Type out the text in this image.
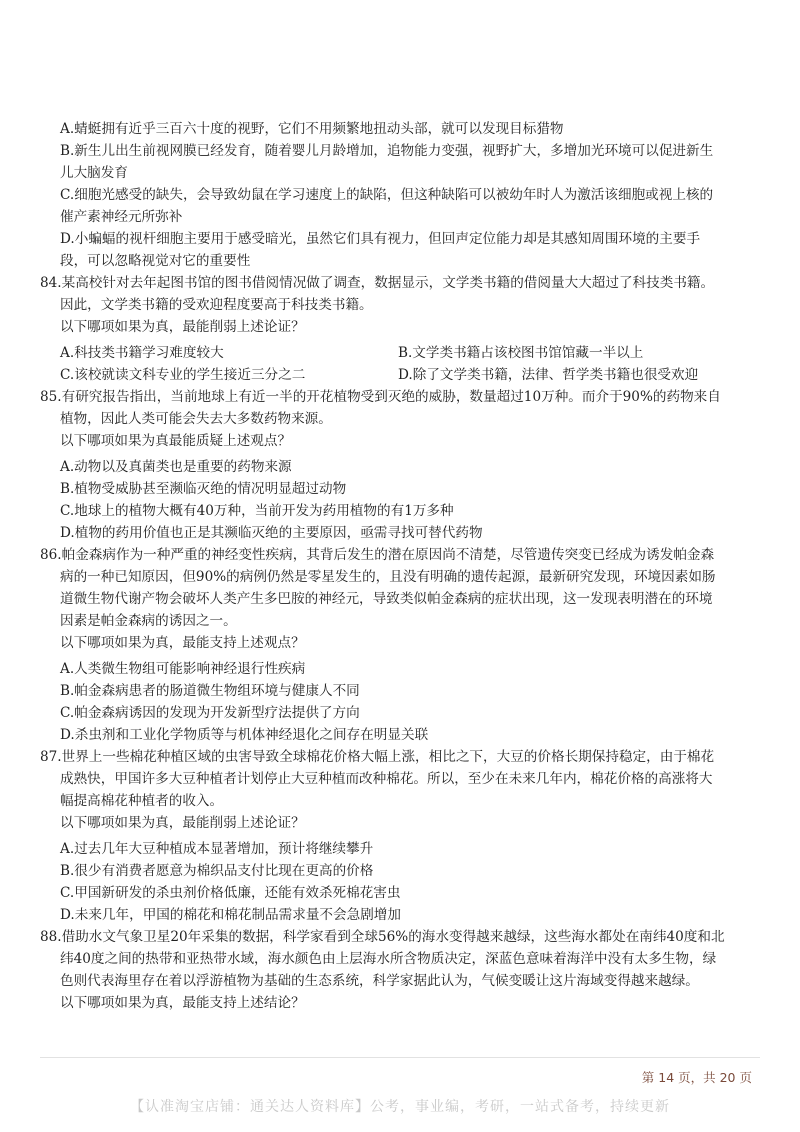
A.蜻蜓拥有近乎三百六十度的视野，它们不用频繁地扭动头部，就可以发现目标猎物
B.新生儿出生前视网膜已经发育，随着婴儿月龄增加，追物能力变强，视野扩大，多增加光环境可以促进新生
儿大脑发育
C.细胞光感受的缺失，会导致幼鼠在学习速度上的缺陷，但这种缺陷可以被幼年时人为激活该细胞或视上核的
催产素神经元所弥补
D.小蝙蝠的视杆细胞主要用于感受暗光，虽然它们具有视力，但回声定位能力却是其感知周围环境的主要手
段，可以忽略视觉对它的重要性
84.某高校针对去年起图书馆的图书借阅情况做了调查，数据显示，文学类书籍的借阅量大大超过了科技类书籍。
因此，文学类书籍的受欢迎程度要高于科技类书籍。
以下哪项如果为真，最能削弱上述论证？
A.科技类书籍学习难度较大	B.文学类书籍占该校图书馆馆藏一半以上
C.该校就读文科专业的学生接近三分之二	D.除了文学类书籍，法律、哲学类书籍也很受欢迎
85.有研究报告指出，当前地球上有近一半的开花植物受到灭绝的威胁，数量超过10万种。而介于90%的药物来自
植物，因此人类可能会失去大多数药物来源。
以下哪项如果为真最能质疑上述观点？
A.动物以及真菌类也是重要的药物来源
B.植物受威胁甚至濒临灭绝的情况明显超过动物
C.地球上的植物大概有40万种，当前开发为药用植物的有1万多种
D.植物的药用价值也正是其濒临灭绝的主要原因，亟需寻找可替代药物
86.帕金森病作为一种严重的神经变性疾病，其背后发生的潜在原因尚不清楚，尽管遗传突变已经成为诱发帕金森
病的一种已知原因，但90%的病例仍然是零星发生的，且没有明确的遗传起源，最新研究发现，环境因素如肠
道微生物代谢产物会破坏人类产生多巴胺的神经元，导致类似帕金森病的症状出现，这一发现表明潜在的环境
因素是帕金森病的诱因之一。
以下哪项如果为真，最能支持上述观点？
A.人类微生物组可能影响神经退行性疾病
B.帕金森病患者的肠道微生物组环境与健康人不同
C.帕金森病诱因的发现为开发新型疗法提供了方向
D.杀虫剂和工业化学物质等与机体神经退化之间存在明显关联
87.世界上一些棉花种植区域的虫害导致全球棉花价格大幅上涨，相比之下，大豆的价格长期保持稳定，由于棉花
成熟快，甲国许多大豆种植者计划停止大豆种植而改种棉花。所以，至少在未来几年内，棉花价格的高涨将大
幅提高棉花种植者的收入。
以下哪项如果为真，最能削弱上述论证？
A.过去几年大豆种植成本显著增加，预计将继续攀升
B.很少有消费者愿意为棉织品支付比现在更高的价格
C.甲国新研发的杀虫剂价格低廉，还能有效杀死棉花害虫
D.未来几年，甲国的棉花和棉花制品需求量不会急剧增加
88.借助水文气象卫星20年采集的数据，科学家看到全球56%的海水变得越来越绿，这些海水都处在南纬40度和北
纬40度之间的热带和亚热带水域，海水颜色由上层海水所含物质决定，深蓝色意味着海洋中没有太多生物，绿
色则代表海里存在着以浮游植物为基础的生态系统，科学家据此认为，气候变暖让这片海域变得越来越绿。
以下哪项如果为真，最能支持上述结论？
第 14 页，共 20 页
【认准淘宝店铺：通关达人资料库】公考，事业编，考研，一站式备考，持续更新
